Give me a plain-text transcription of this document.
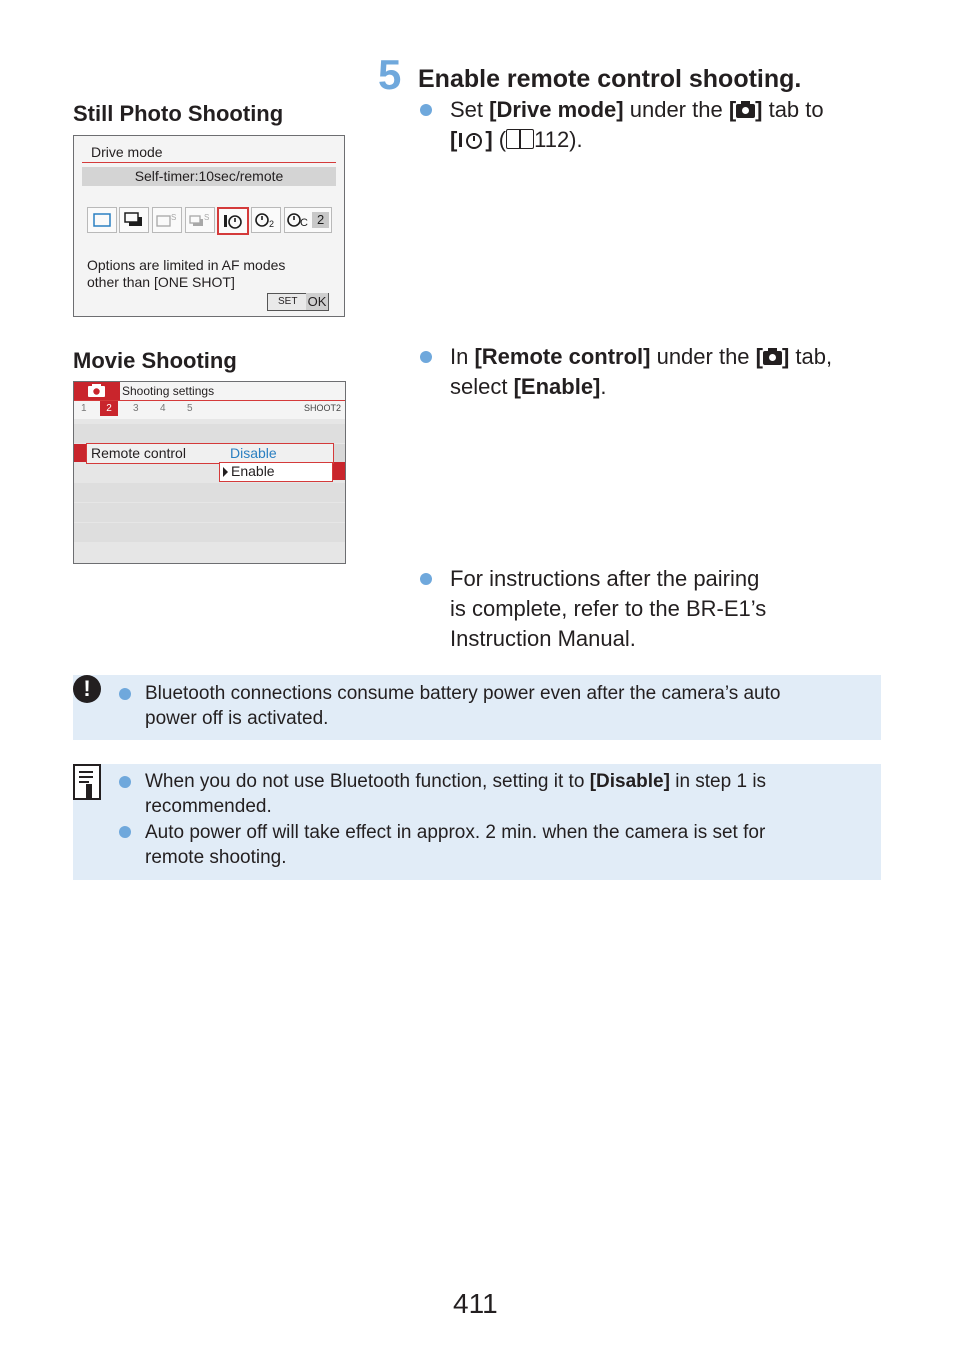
5 Enable remote control shooting.
Still Photo Shooting
Drive mode
Self-timer:10sec/remote
S	S
2 C 2
Options are limited in AF modes
other than [ONE SHOT]
SET OK
Movie Shooting
Shooting settings
1	2	3 4 5	SHOOT2
Remote control	Disable
Enable
Set [Drive mode] under the [ ] tab to
[ ] ( 112).
In [Remote control] under the [ ] tab,
select [Enable].
For instructions after the pairing
is complete, refer to the BR-E1’s
Instruction Manual.
!	Bluetooth connections consume battery power even after the camera’s auto
power off is activated.
When you do not use Bluetooth function, setting it to [Disable] in step 1 is
recommended.
Auto power off will take effect in approx. 2 min. when the camera is set for
remote shooting.
411
